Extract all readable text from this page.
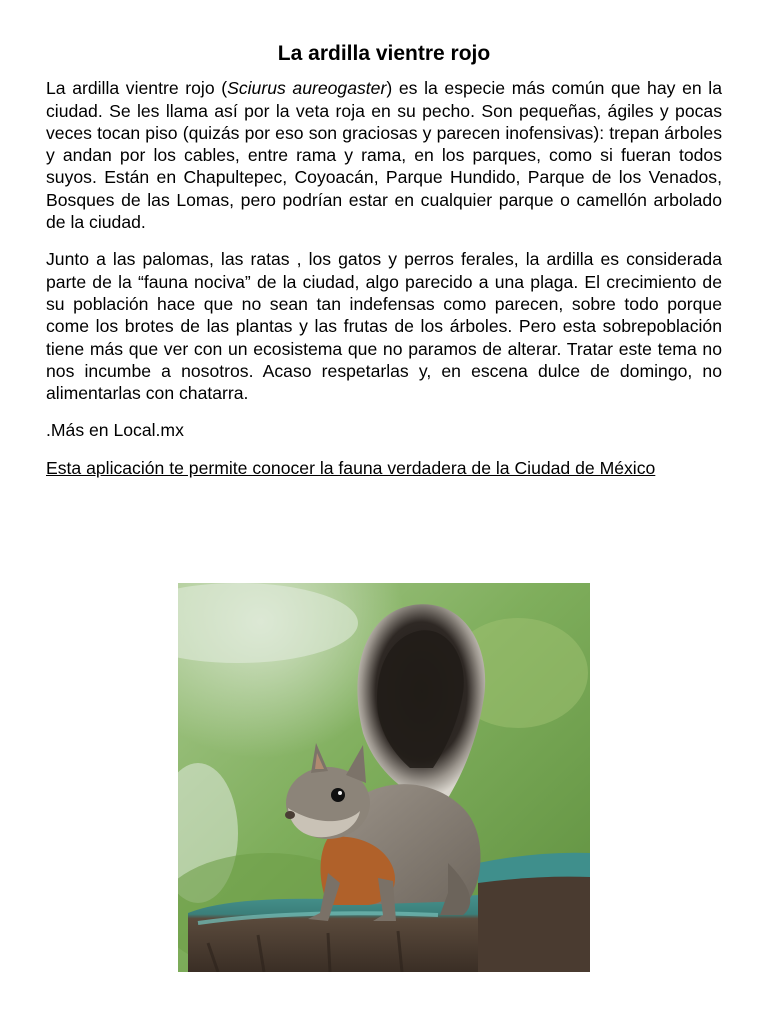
La ardilla vientre rojo

La ardilla vientre rojo (Sciurus aureogaster) es la especie más común que hay en la ciudad. Se les llama así por la veta roja en su pecho. Son pequeñas, ágiles y pocas veces tocan piso (quizás por eso son graciosas y parecen inofensivas): trepan árboles y andan por los cables, entre rama y rama, en los parques, como si fueran todos suyos. Están en Chapultepec, Coyoacán, Parque Hundido, Parque de los Venados, Bosques de las Lomas, pero podrían estar en cualquier parque o camellón arbolado de la ciudad.

Junto a las palomas, las ratas , los gatos y perros ferales, la ardilla es considerada parte de la “fauna nociva” de la ciudad, algo parecido a una plaga. El crecimiento de su población hace que no sean tan indefensas como parecen, sobre todo porque come los brotes de las plantas y las frutas de los árboles. Pero esta sobrepoblación tiene más que ver con un ecosistema que no paramos de alterar. Tratar este tema no nos incumbe a nosotros. Acaso respetarlas y, en escena dulce de domingo, no alimentarlas con chatarra.

.Más en Local.mx

Esta aplicación te permite conocer la fauna verdadera de la Ciudad de México
